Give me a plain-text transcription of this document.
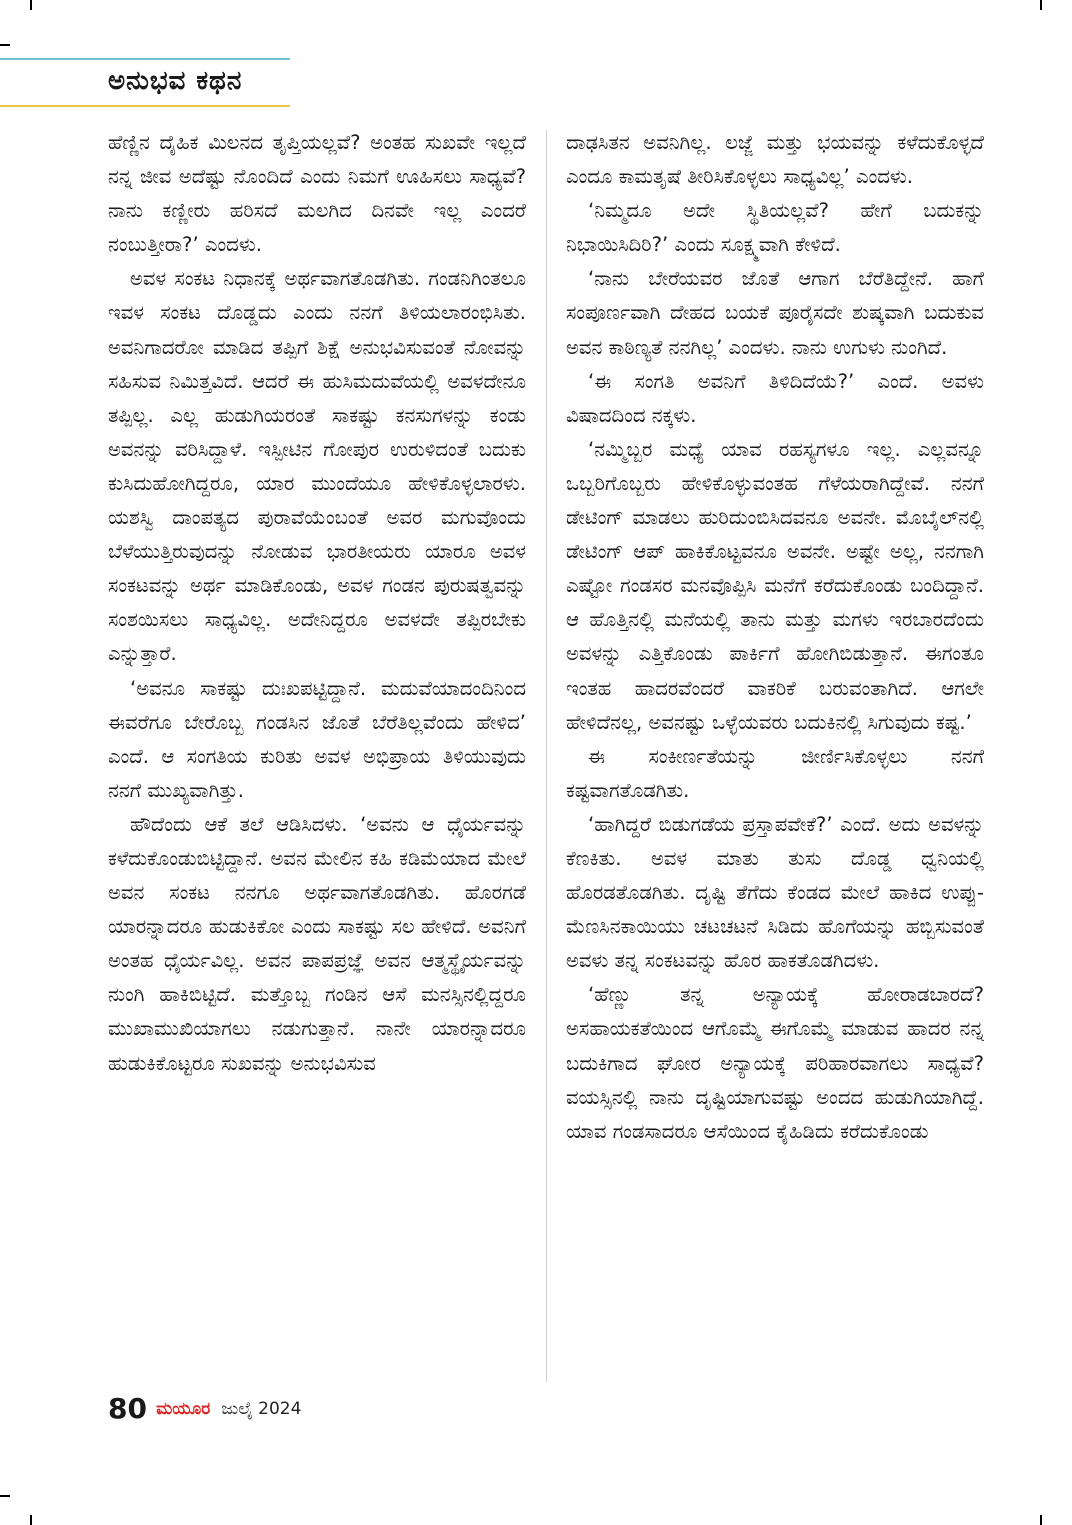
ಅನುಭವ ಕಥನ

ಹೆಣ್ಣಿನ ದೈಹಿಕ ಮಿಲನದ ತೃಪ್ತಿಯಲ್ಲವೆ? ಅಂತಹ ಸುಖವೇ ಇಲ್ಲದೆ ನನ್ನ ಜೀವ ಅದೆಷ್ಟು ನೊಂದಿದೆ ಎಂದು ನಿಮಗೆ ಊಹಿಸಲು ಸಾಧ್ಯವೆ? ನಾನು ಕಣ್ಣೀರು ಹರಿಸದೆ ಮಲಗಿದ ದಿನವೇ ಇಲ್ಲ ಎಂದರೆ ನಂಬುತ್ತೀರಾ?’ ಎಂದಳು.

ಅವಳ ಸಂಕಟ ನಿಧಾನಕ್ಕೆ ಅರ್ಥವಾಗತೊಡಗಿತು. ಗಂಡನಿಗಿಂತಲೂ ಇವಳ ಸಂಕಟ ದೊಡ್ಡದು ಎಂದು ನನಗೆ ತಿಳಿಯಲಾರಂಭಿಸಿತು. ಅವನಿಗಾದರೋ ಮಾಡಿದ ತಪ್ಪಿಗೆ ಶಿಕ್ಷೆ ಅನುಭವಿಸುವಂತೆ ನೋವನ್ನು ಸಹಿಸುವ ನಿಮಿತ್ತವಿದೆ. ಆದರೆ ಈ ಹುಸಿಮದುವೆಯಲ್ಲಿ ಅವಳದೇನೂ ತಪ್ಪಿಲ್ಲ. ಎಲ್ಲ ಹುಡುಗಿಯರಂತೆ ಸಾಕಷ್ಟು ಕನಸುಗಳನ್ನು ಕಂಡು ಅವನನ್ನು ವರಿಸಿದ್ದಾಳೆ. ಇಸ್ಪೀಟಿನ ಗೋಪುರ ಉರುಳಿದಂತೆ ಬದುಕು ಕುಸಿದುಹೋಗಿದ್ದರೂ, ಯಾರ ಮುಂದೆಯೂ ಹೇಳಿಕೊಳ್ಳಲಾರಳು. ಯಶಸ್ವಿ ದಾಂಪತ್ಯದ ಪುರಾವೆಯೆಂಬಂತೆ ಅವರ ಮಗುವೊಂದು ಬೆಳೆಯುತ್ತಿರುವುದನ್ನು ನೋಡುವ ಭಾರತೀಯರು ಯಾರೂ ಅವಳ ಸಂಕಟವನ್ನು ಅರ್ಥ ಮಾಡಿಕೊಂಡು, ಅವಳ ಗಂಡನ ಪುರುಷತ್ವವನ್ನು ಸಂಶಯಿಸಲು ಸಾಧ್ಯವಿಲ್ಲ. ಅದೇನಿದ್ದರೂ ಅವಳದೇ ತಪ್ಪಿರಬೇಕು ಎನ್ನುತ್ತಾರೆ.

‘ಅವನೂ ಸಾಕಷ್ಟು ದುಃಖಪಟ್ಟಿದ್ದಾನೆ. ಮದುವೆಯಾದಂದಿನಿಂದ ಈವರೆಗೂ ಬೇರೊಬ್ಬ ಗಂಡಸಿನ ಜೊತೆ ಬೆರೆತಿಲ್ಲವೆಂದು ಹೇಳಿದ’ ಎಂದೆ. ಆ ಸಂಗತಿಯ ಕುರಿತು ಅವಳ ಅಭಿಪ್ರಾಯ ತಿಳಿಯುವುದು ನನಗೆ ಮುಖ್ಯವಾಗಿತ್ತು.

ಹೌದೆಂದು ಆಕೆ ತಲೆ ಆಡಿಸಿದಳು. ‘ಅವನು ಆ ಧೈರ್ಯವನ್ನು ಕಳೆದುಕೊಂಡುಬಿಟ್ಟಿದ್ದಾನೆ. ಅವನ ಮೇಲಿನ ಕಹಿ ಕಡಿಮೆಯಾದ ಮೇಲೆ ಅವನ ಸಂಕಟ ನನಗೂ ಅರ್ಥವಾಗತೊಡಗಿತು. ಹೊರಗಡೆ ಯಾರನ್ನಾದರೂ ಹುಡುಕಿಕೋ ಎಂದು ಸಾಕಷ್ಟು ಸಲ ಹೇಳಿದೆ. ಅವನಿಗೆ ಅಂತಹ ಧೈರ್ಯವಿಲ್ಲ. ಅವನ ಪಾಪಪ್ರಜ್ಞೆ ಅವನ ಆತ್ಮಸ್ಥೈರ್ಯವನ್ನು ನುಂಗಿ ಹಾಕಿಬಿಟ್ಟಿದೆ. ಮತ್ತೊಬ್ಬ ಗಂಡಿನ ಆಸೆ ಮನಸ್ಸಿನಲ್ಲಿದ್ದರೂ ಮುಖಾಮುಖಿಯಾಗಲು ನಡುಗುತ್ತಾನೆ. ನಾನೇ ಯಾರನ್ನಾದರೂ ಹುಡುಕಿಕೊಟ್ಟರೂ ಸುಖವನ್ನು ಅನುಭವಿಸುವ

ದಾಢಸಿತನ ಅವನಿಗಿಲ್ಲ. ಲಜ್ಜೆ ಮತ್ತು ಭಯವನ್ನು ಕಳೆದುಕೊಳ್ಳದೆ ಎಂದೂ ಕಾಮತೃಷೆ ತೀರಿಸಿಕೊಳ್ಳಲು ಸಾಧ್ಯವಿಲ್ಲ’ ಎಂದಳು.

‘ನಿಮ್ಮದೂ ಅದೇ ಸ್ಥಿತಿಯಲ್ಲವೆ? ಹೇಗೆ ಬದುಕನ್ನು ನಿಭಾಯಿಸಿದಿರಿ?’ ಎಂದು ಸೂಕ್ಷ್ಮವಾಗಿ ಕೇಳಿದೆ.

‘ನಾನು ಬೇರೆಯವರ ಜೊತೆ ಆಗಾಗ ಬೆರೆತಿದ್ದೇನೆ. ಹಾಗೆ ಸಂಪೂರ್ಣವಾಗಿ ದೇಹದ ಬಯಕೆ ಪೂರೈಸದೇ ಶುಷ್ಕವಾಗಿ ಬದುಕುವ ಅವನ ಕಾಠಿಣ್ಯತೆ ನನಗಿಲ್ಲ’ ಎಂದಳು. ನಾನು ಉಗುಳು ನುಂಗಿದೆ.

‘ಈ ಸಂಗತಿ ಅವನಿಗೆ ತಿಳಿದಿದೆಯೆ?’ ಎಂದೆ. ಅವಳು ವಿಷಾದದಿಂದ ನಕ್ಕಳು.

‘ನಮ್ಮಿಬ್ಬರ ಮಧ್ಯೆ ಯಾವ ರಹಸ್ಯಗಳೂ ಇಲ್ಲ. ಎಲ್ಲವನ್ನೂ ಒಬ್ಬರಿಗೊಬ್ಬರು ಹೇಳಿಕೊಳ್ಳುವಂತಹ ಗೆಳೆಯರಾಗಿದ್ದೇವೆ. ನನಗೆ ಡೇಟಿಂಗ್ ಮಾಡಲು ಹುರಿದುಂಬಿಸಿದವನೂ ಅವನೇ. ಮೊಬೈಲ್‌ನಲ್ಲಿ ಡೇಟಿಂಗ್ ಆಪ್ ಹಾಕಿಕೊಟ್ಟವನೂ ಅವನೇ. ಅಷ್ಟೇ ಅಲ್ಲ, ನನಗಾಗಿ ಎಷ್ಟೋ ಗಂಡಸರ ಮನವೊಪ್ಪಿಸಿ ಮನೆಗೆ ಕರೆದುಕೊಂಡು ಬಂದಿದ್ದಾನೆ. ಆ ಹೊತ್ತಿನಲ್ಲಿ ಮನೆಯಲ್ಲಿ ತಾನು ಮತ್ತು ಮಗಳು ಇರಬಾರದೆಂದು ಅವಳನ್ನು ಎತ್ತಿಕೊಂಡು ಪಾರ್ಕಿಗೆ ಹೋಗಿಬಿಡುತ್ತಾನೆ. ಈಗಂತೂ ಇಂತಹ ಹಾದರವೆಂದರೆ ವಾಕರಿಕೆ ಬರುವಂತಾಗಿದೆ. ಆಗಲೇ ಹೇಳಿದೆನಲ್ಲ, ಅವನಷ್ಟು ಒಳ್ಳೆಯವರು ಬದುಕಿನಲ್ಲಿ ಸಿಗುವುದು ಕಷ್ಟ.’

ಈ ಸಂಕೀರ್ಣತೆಯನ್ನು ಜೀರ್ಣಿಸಿಕೊಳ್ಳಲು ನನಗೆ ಕಷ್ಟವಾಗತೊಡಗಿತು.

‘ಹಾಗಿದ್ದರೆ ಬಿಡುಗಡೆಯ ಪ್ರಸ್ತಾಪವೇಕೆ?’ ಎಂದೆ. ಅದು ಅವಳನ್ನು ಕೆಣಕಿತು. ಅವಳ ಮಾತು ತುಸು ದೊಡ್ಡ ಧ್ವನಿಯಲ್ಲಿ ಹೊರಡತೊಡಗಿತು. ದೃಷ್ಟಿ ತೆಗೆದು ಕೆಂಡದ ಮೇಲೆ ಹಾಕಿದ ಉಪ್ಪು-ಮೆಣಸಿನಕಾಯಿಯು ಚಟಚಟನೆ ಸಿಡಿದು ಹೊಗೆಯನ್ನು ಹಬ್ಬಿಸುವಂತೆ ಅವಳು ತನ್ನ ಸಂಕಟವನ್ನು ಹೊರ ಹಾಕತೊಡಗಿದಳು.

‘ಹೆಣ್ಣು ತನ್ನ ಅನ್ಯಾಯಕ್ಕೆ ಹೋರಾಡಬಾರದೆ? ಅಸಹಾಯಕತೆಯಿಂದ ಆಗೊಮ್ಮೆ ಈಗೊಮ್ಮೆ ಮಾಡುವ ಹಾದರ ನನ್ನ ಬದುಕಿಗಾದ ಘೋರ ಅನ್ಯಾಯಕ್ಕೆ ಪರಿಹಾರವಾಗಲು ಸಾಧ್ಯವೆ? ವಯಸ್ಸಿನಲ್ಲಿ ನಾನು ದೃಷ್ಟಿಯಾಗುವಷ್ಟು ಅಂದದ ಹುಡುಗಿಯಾಗಿದ್ದೆ. ಯಾವ ಗಂಡಸಾದರೂ ಆಸೆಯಿಂದ ಕೈಹಿಡಿದು ಕರೆದುಕೊಂಡು

80 ಮಯೂರ ಜುಲೈ 2024
